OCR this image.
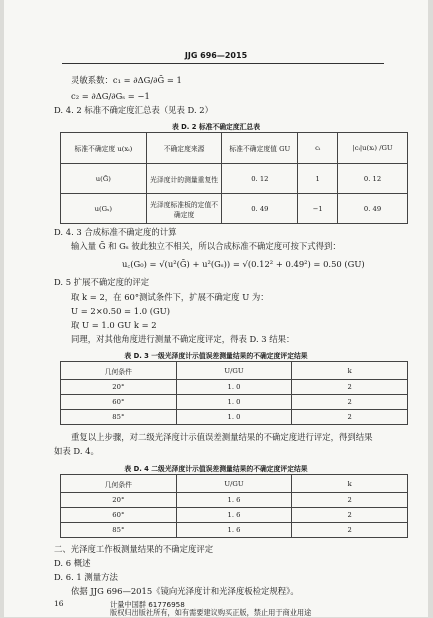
JJG 696—2015
灵敏系数：c₁ = ∂ΔG/∂Ḡ = 1
c₂ = ∂ΔG/∂Gₛ = −1
D. 4. 2 标准不确定度汇总表（见表 D. 2）
表 D. 2 标准不确定度汇总表
标准不确定度 u(xᵢ)	不确定度来源	标准不确定度值 GU	cᵢ	|cᵢ|u(xᵢ) /GU
u(Ḡ)	光泽度计的测量重复性	0. 12	1	0. 12
u(Gₛ)	光泽度标准板的定值不确定度	0. 49	−1	0. 49
D. 4. 3 合成标准不确定度的计算
输入量 Ḡ 和 Gₛ 彼此独立不相关，所以合成标准不确定度可按下式得到：
u꜀(G₀) = √(u²(Ḡ) + u²(Gₛ)) = √(0.12² + 0.49²) = 0.50 (GU)
D. 5 扩展不确定度的评定
取 k = 2，在 60°测试条件下，扩展不确定度 U 为：
U = 2×0.50 = 1.0 (GU)
取 U = 1.0 GU k = 2
同理，对其他角度进行测量不确定度评定，得表 D. 3 结果：
表 D. 3 一级光泽度计示值误差测量结果的不确定度评定结果
几何条件	U/GU	k
20°	1. 0	2
60°	1. 0	2
85°	1. 0	2
重复以上步骤，对二级光泽度计示值误差测量结果的不确定度进行评定，得到结果
如表 D. 4。
表 D. 4 二级光泽度计示值误差测量结果的不确定度评定结果
几何条件	U/GU	k
20°	1. 6	2
60°	1. 6	2
85°	1. 6	2
二、光泽度工作板测量结果的不确定度评定
D. 6 概述
D. 6. 1 测量方法
依据 JJG 696—2015《镜向光泽度计和光泽度板检定规程》。
16	计量中国群 61776958
版权归出版社所有，如有需要建议购买正版，禁止用于商业用途
